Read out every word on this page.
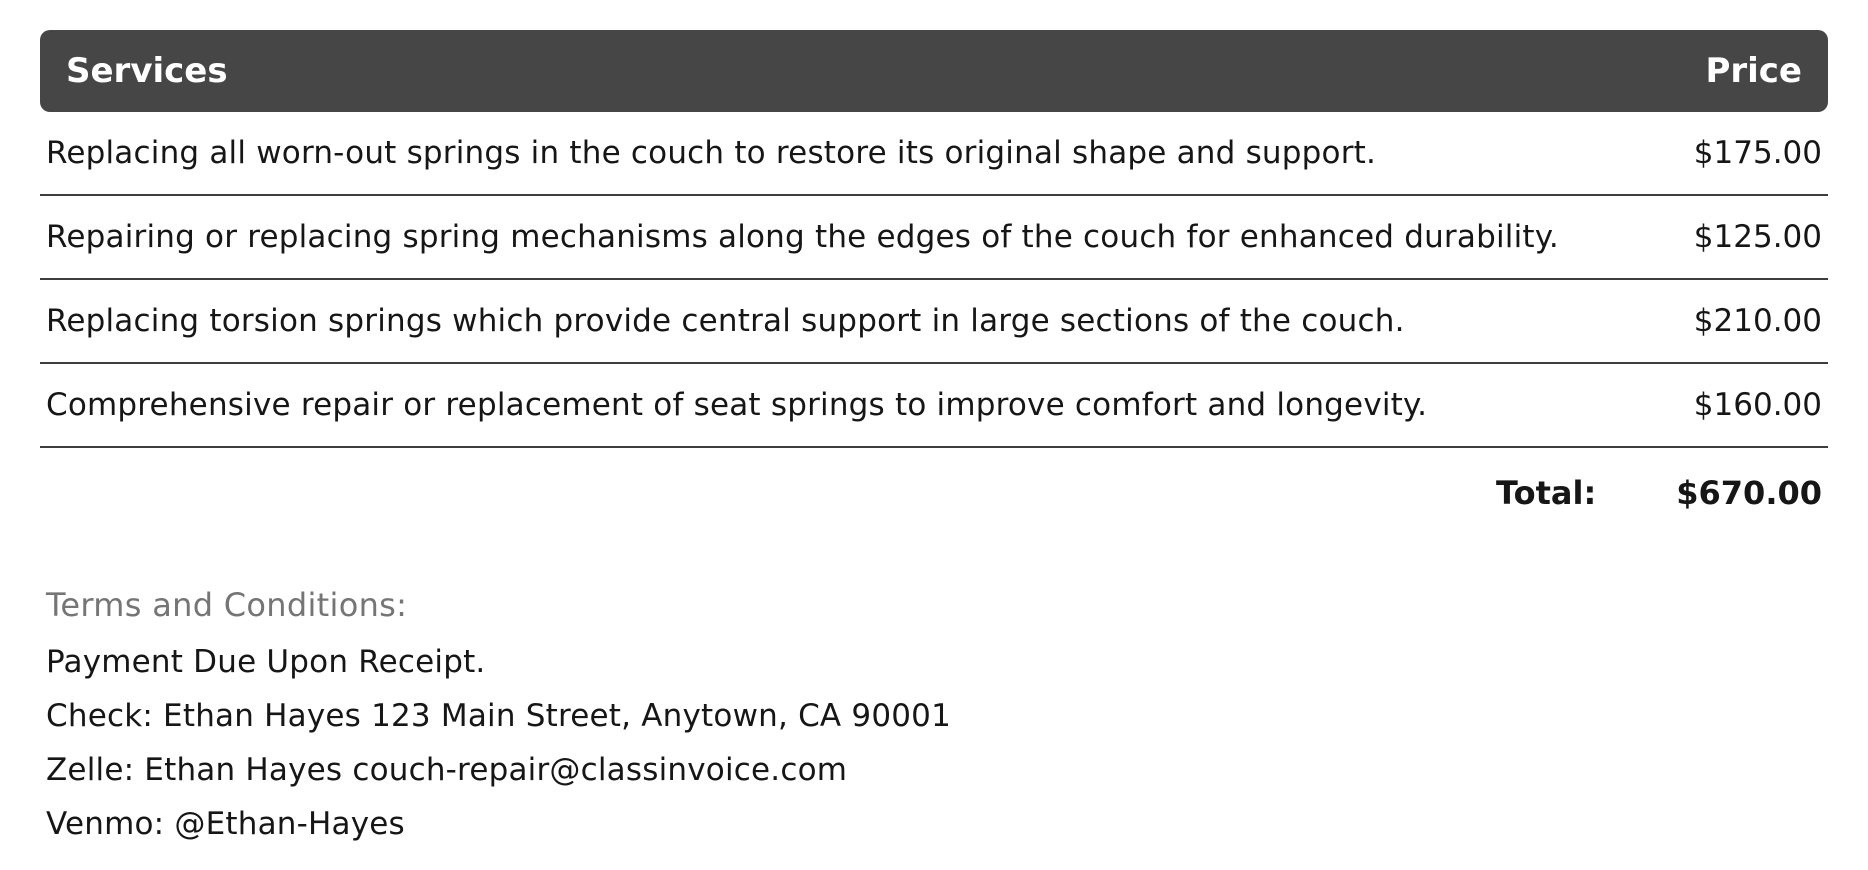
Services	Price
Replacing all worn-out springs in the couch to restore its original shape and support.	$175.00
Repairing or replacing spring mechanisms along the edges of the couch for enhanced durability.	$125.00
Replacing torsion springs which provide central support in large sections of the couch.	$210.00
Comprehensive repair or replacement of seat springs to improve comfort and longevity.	$160.00
Total:	$670.00
Terms and Conditions:
Payment Due Upon Receipt.
Check: Ethan Hayes 123 Main Street, Anytown, CA 90001
Zelle: Ethan Hayes couch-repair@classinvoice.com
Venmo: @Ethan-Hayes
